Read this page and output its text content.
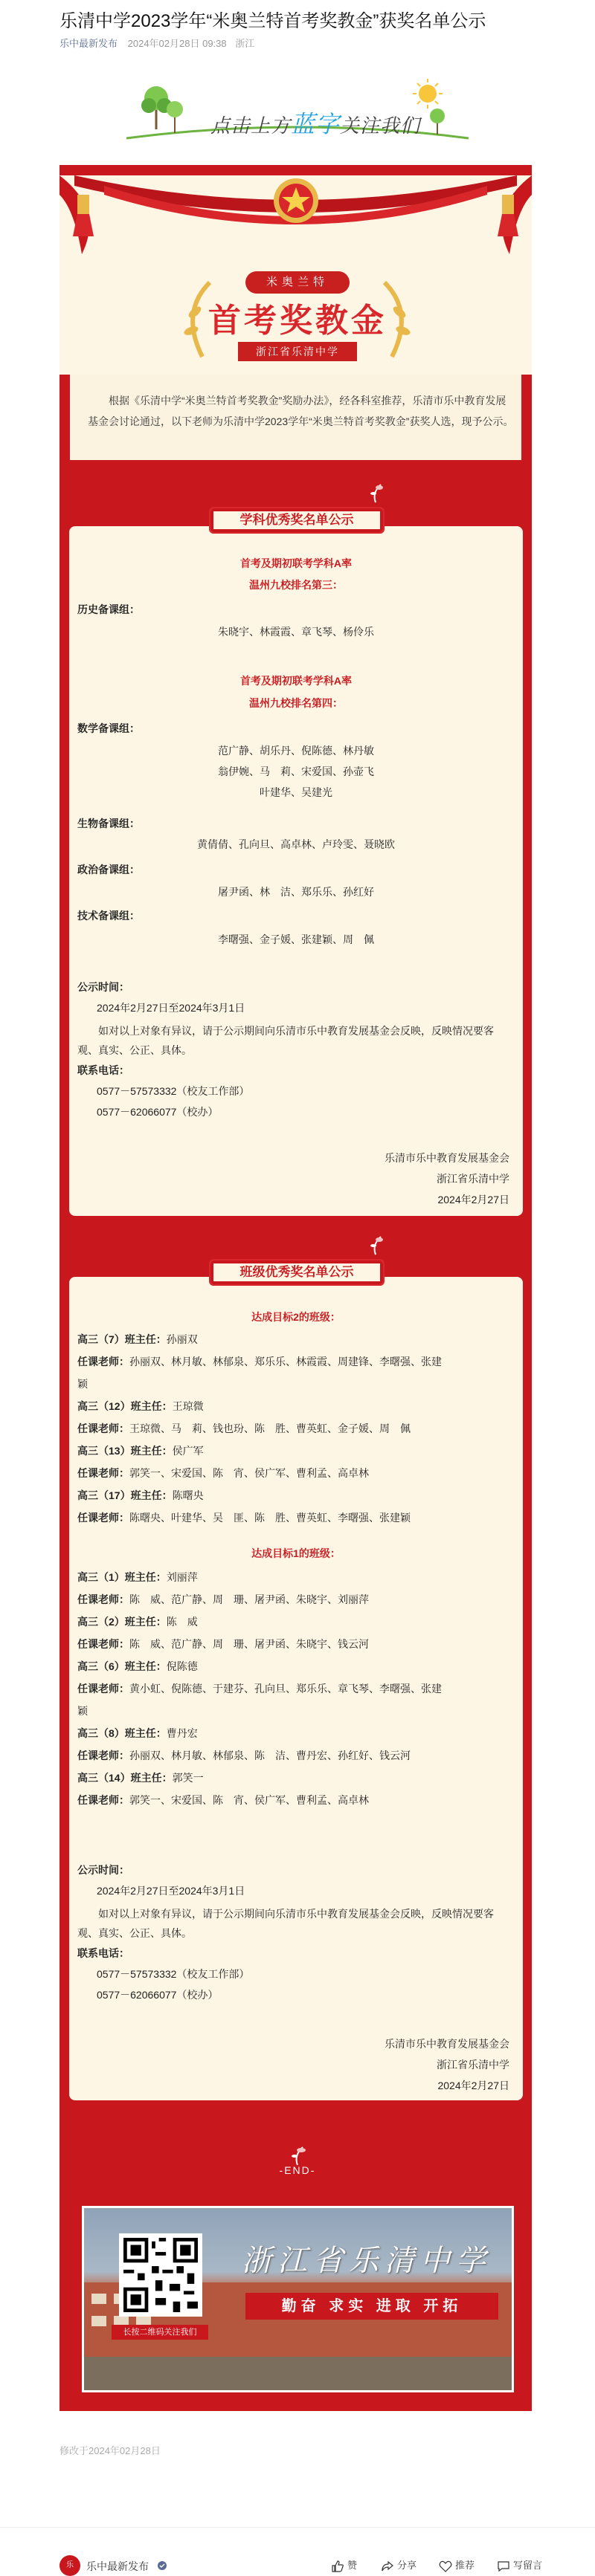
乐清中学2023学年“米奥兰特首考奖教金”获奖名单公示
乐中最新发布 2024年02月28日 09:38 浙江
点击上方蓝字关注我们
米奥兰特
首考奖教金
浙江省乐清中学
根据《乐清中学“米奥兰特首考奖教金”奖励办法》，经各科室推荐，乐清市乐中教育发展基金会讨论通过，以下老师为乐清中学2023学年“米奥兰特首考奖教金”获奖人选，现予公示。
学科优秀奖名单公示
首考及期初联考学科A率
温州九校排名第三：
历史备课组：
朱晓宇、林霞霞、章飞琴、杨伶乐
首考及期初联考学科A率
温州九校排名第四：
数学备课组：
范广静、胡乐丹、倪陈德、林丹敏
翁伊婉、马　莉、宋爱国、孙壶飞
叶建华、吴建光
生物备课组：
黄倩倩、孔向旦、高卓林、卢玲雯、聂晓欧
政治备课组：
屠尹函、林　洁、郑乐乐、孙红好
技术备课组：
李曙强、金子媛、张建颖、周　佩
公示时间：
2024年2月27日至2024年3月1日
如对以上对象有异议，请于公示期间向乐清市乐中教育发展基金会反映，反映情况要客观、真实、公正、具体。
联系电话：
0577－57573332（校友工作部）
0577－62066077（校办）
乐清市乐中教育发展基金会
浙江省乐清中学
2024年2月27日
班级优秀奖名单公示
达成目标2的班级：
高三（7）班主任：孙丽双
任课老师：孙丽双、林月敏、林郁泉、郑乐乐、林霞霞、周建锋、李曙强、张建
颖
高三（12）班主任：王琼微
任课老师：王琼微、马　莉、钱也玢、陈　胜、曹英虹、金子媛、周　佩
高三（13）班主任：侯广军
任课老师：郭笑一、宋爱国、陈　宵、侯广军、曹利孟、高卓林
高三（17）班主任：陈曙央
任课老师：陈曙央、叶建华、吴　匪、陈　胜、曹英虹、李曙强、张建颖
达成目标1的班级：
高三（1）班主任：刘丽萍
任课老师：陈　威、范广静、周　珊、屠尹函、朱晓宇、刘丽萍
高三（2）班主任：陈　威
任课老师：陈　威、范广静、周　珊、屠尹函、朱晓宇、钱云河
高三（6）班主任：倪陈德
任课老师：黄小虹、倪陈德、于建芬、孔向旦、郑乐乐、章飞琴、李曙强、张建
颖
高三（8）班主任：曹丹宏
任课老师：孙丽双、林月敏、林郁泉、陈　洁、曹丹宏、孙红好、钱云河
高三（14）班主任：郭笑一
任课老师：郭笑一、宋爱国、陈　宵、侯广军、曹利孟、高卓林
公示时间：
2024年2月27日至2024年3月1日
如对以上对象有异议，请于公示期间向乐清市乐中教育发展基金会反映，反映情况要客观、真实、公正、具体。
联系电话：
0577－57573332（校友工作部）
0577－62066077（校办）
乐清市乐中教育发展基金会
浙江省乐清中学
2024年2月27日
-END-
浙江省乐清中学
勤奋 求实 进取 开拓
长按二维码关注我们
修改于2024年02月28日
乐	乐中最新发布	赞	分享	推荐	写留言
